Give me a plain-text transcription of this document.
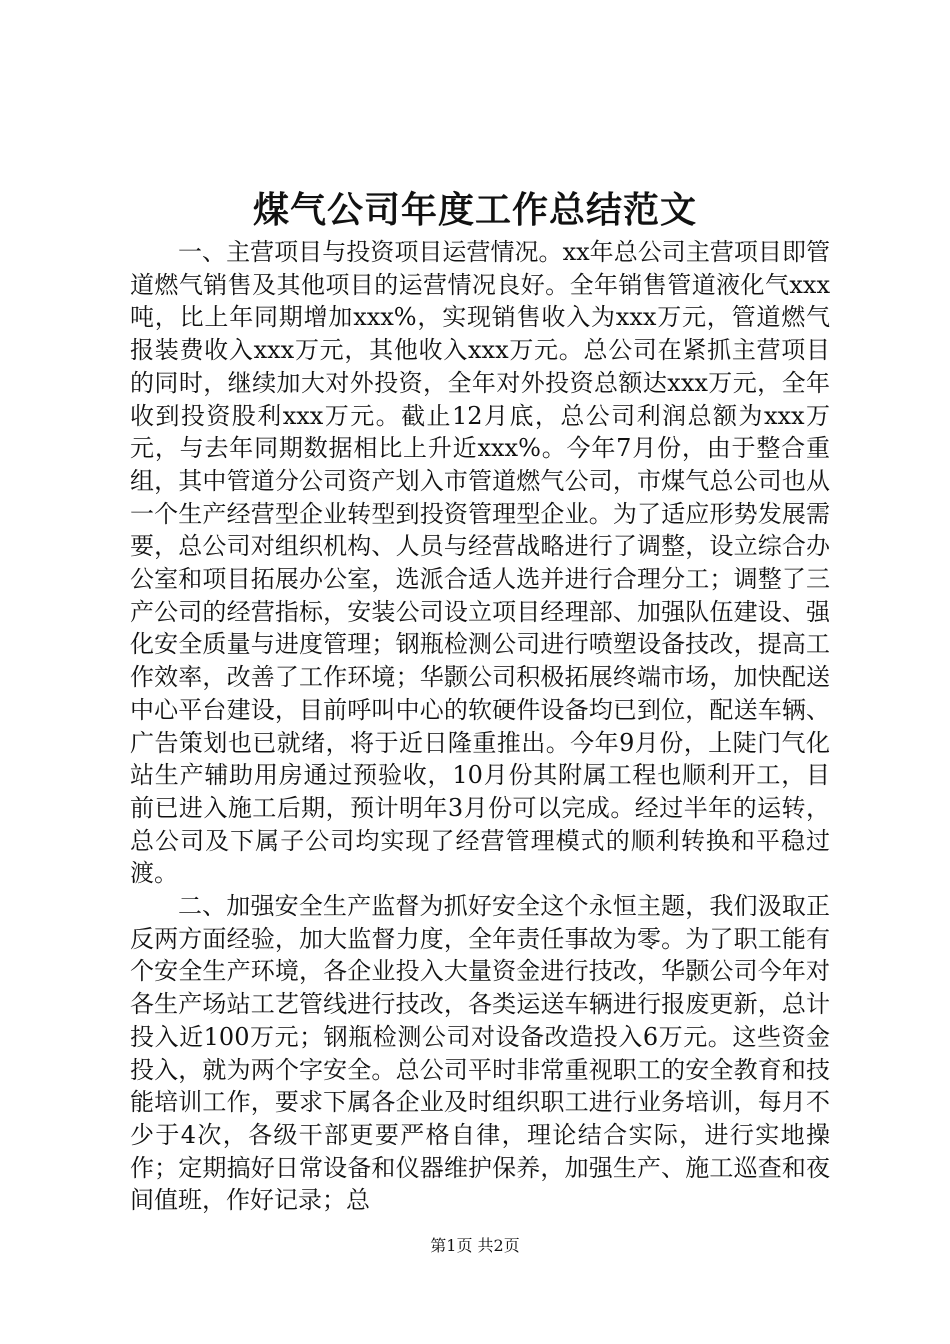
煤气公司年度工作总结范文

一、主营项目与投资项目运营情况。xx年总公司主营项目即管道燃气销售及其他项目的运营情况良好。全年销售管道液化气xxx吨，比上年同期增加xxx%，实现销售收入为xxx万元，管道燃气报装费收入xxx万元，其他收入xxx万元。总公司在紧抓主营项目的同时，继续加大对外投资，全年对外投资总额达xxx万元，全年收到投资股利xxx万元。截止12月底，总公司利润总额为xxx万元，与去年同期数据相比上升近xxx%。今年7月份，由于整合重组，其中管道分公司资产划入市管道燃气公司，市煤气总公司也从一个生产经营型企业转型到投资管理型企业。为了适应形势发展需要，总公司对组织机构、人员与经营战略进行了调整，设立综合办公室和项目拓展办公室，选派合适人选并进行合理分工；调整了三产公司的经营指标，安装公司设立项目经理部、加强队伍建设、强化安全质量与进度管理；钢瓶检测公司进行喷塑设备技改，提高工作效率，改善了工作环境；华颢公司积极拓展终端市场，加快配送中心平台建设，目前呼叫中心的软硬件设备均已到位，配送车辆、广告策划也已就绪，将于近日隆重推出。今年9月份，上陡门气化站生产辅助用房通过预验收，10月份其附属工程也顺利开工，目前已进入施工后期，预计明年3月份可以完成。经过半年的运转，总公司及下属子公司均实现了经营管理模式的顺利转换和平稳过渡。

二、加强安全生产监督为抓好安全这个永恒主题，我们汲取正反两方面经验，加大监督力度，全年责任事故为零。为了职工能有个安全生产环境，各企业投入大量资金进行技改，华颢公司今年对各生产场站工艺管线进行技改，各类运送车辆进行报废更新，总计投入近100万元；钢瓶检测公司对设备改造投入6万元。这些资金投入，就为两个字安全。总公司平时非常重视职工的安全教育和技能培训工作，要求下属各企业及时组织职工进行业务培训，每月不少于4次，各级干部更要严格自律，理论结合实际，进行实地操作；定期搞好日常设备和仪器维护保养，加强生产、施工巡查和夜间值班，作好记录；总

第1页 共2页
